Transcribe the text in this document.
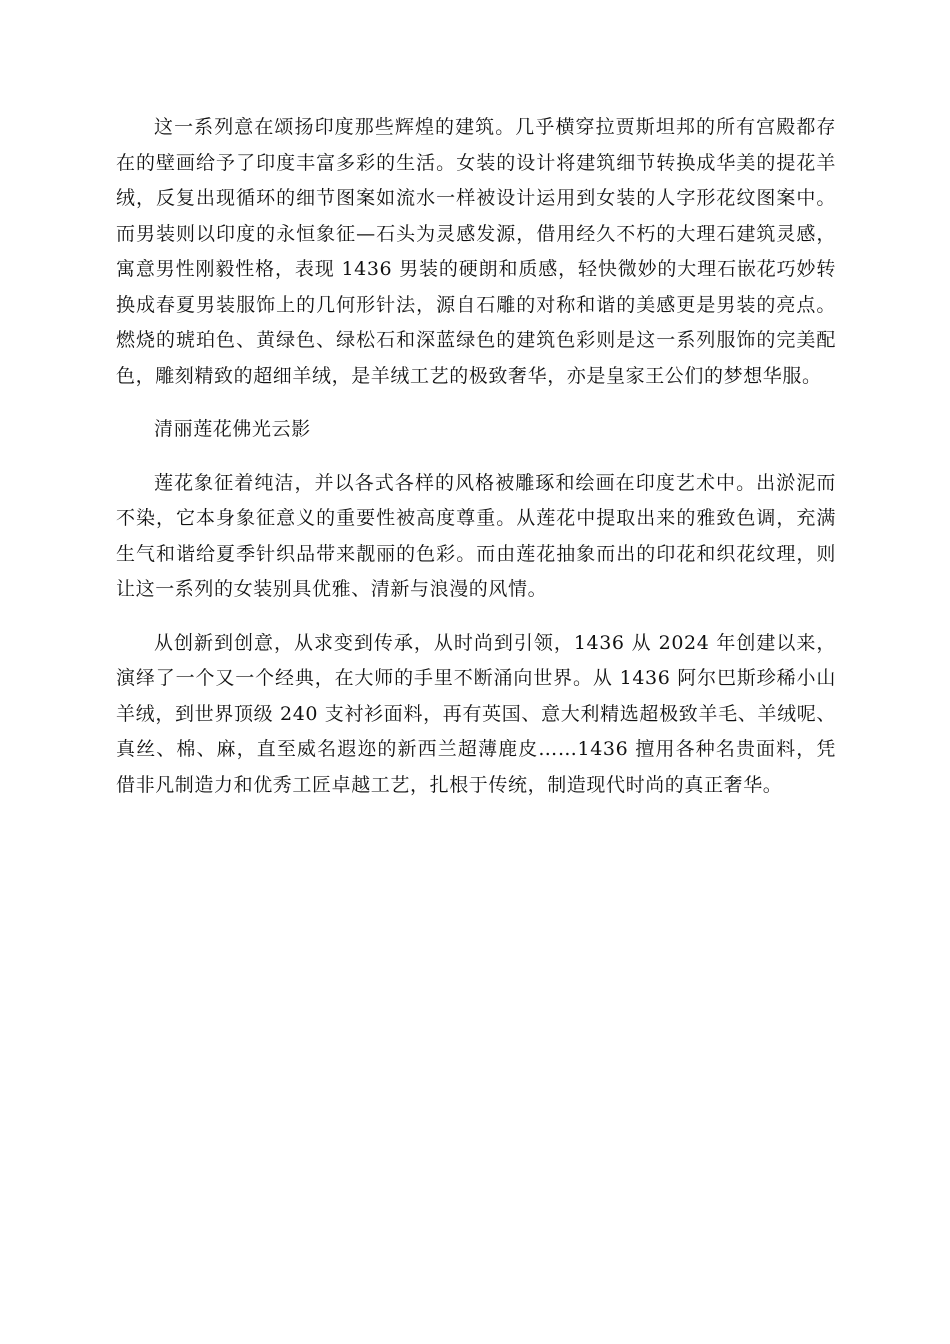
这一系列意在颂扬印度那些辉煌的建筑。几乎横穿拉贾斯坦邦的所有宫殿都存在的壁画给予了印度丰富多彩的生活。女装的设计将建筑细节转换成华美的提花羊绒，反复出现循环的细节图案如流水一样被设计运用到女装的人字形花纹图案中。而男装则以印度的永恒象征—石头为灵感发源，借用经久不朽的大理石建筑灵感，寓意男性刚毅性格，表现 1436 男装的硬朗和质感，轻快微妙的大理石嵌花巧妙转换成春夏男装服饰上的几何形针法，源自石雕的对称和谐的美感更是男装的亮点。燃烧的琥珀色、黄绿色、绿松石和深蓝绿色的建筑色彩则是这一系列服饰的完美配色，雕刻精致的超细羊绒，是羊绒工艺的极致奢华，亦是皇家王公们的梦想华服。

清丽莲花佛光云影

莲花象征着纯洁，并以各式各样的风格被雕琢和绘画在印度艺术中。出淤泥而不染，它本身象征意义的重要性被高度尊重。从莲花中提取出来的雅致色调，充满生气和谐给夏季针织品带来靓丽的色彩。而由莲花抽象而出的印花和织花纹理，则让这一系列的女装别具优雅、清新与浪漫的风情。

从创新到创意，从求变到传承，从时尚到引领，1436 从 2024 年创建以来，演绎了一个又一个经典，在大师的手里不断涌向世界。从 1436 阿尔巴斯珍稀小山羊绒，到世界顶级 240 支衬衫面料，再有英国、意大利精选超极致羊毛、羊绒呢、真丝、棉、麻，直至威名遐迩的新西兰超薄鹿皮……1436 擅用各种名贵面料，凭借非凡制造力和优秀工匠卓越工艺，扎根于传统，制造现代时尚的真正奢华。
